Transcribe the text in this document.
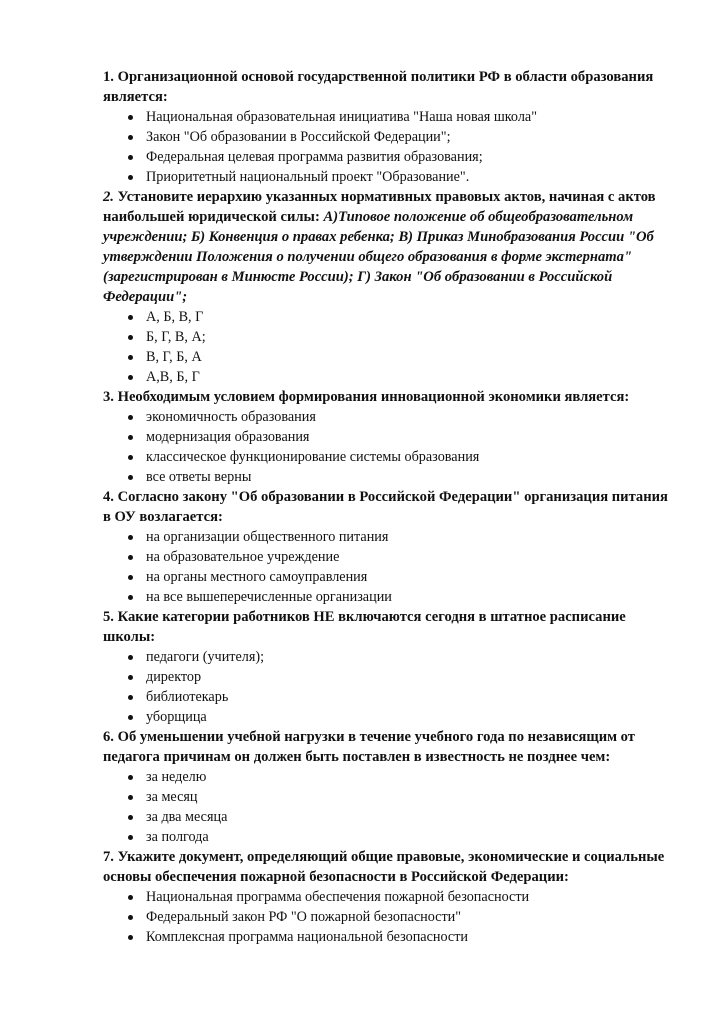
1. Организационной основой государственной политики РФ в области образования является:

Национальная образовательная инициатива "Наша новая школа"
Закон "Об образовании в Российской Федерации";
Федеральная целевая программа развития образования;
Приоритетный национальный проект "Образование".

2. Установите иерархию указанных нормативных правовых актов, начиная с актов наибольшей юридической силы: А)Типовое положение об общеобразовательном учреждении; Б) Конвенция о правах ребенка; В) Приказ Минобразования России "Об утверждении Положения о получении общего образования в форме экстерната" (зарегистрирован в Минюсте России); Г) Закон "Об образовании в Российской Федерации";

А, Б, В, Г
Б, Г, В, А;
В, Г, Б, А
А,В, Б, Г

3. Необходимым условием формирования инновационной экономики является:

экономичность образования
модернизация образования
классическое функционирование системы образования
все ответы верны

4. Согласно закону "Об образовании в Российской Федерации" организация питания в ОУ возлагается:

на организации общественного питания
на образовательное учреждение
на органы местного самоуправления
на все вышеперечисленные организации

5. Какие категории работников НЕ включаются сегодня в штатное расписание школы:

педагоги (учителя);
директор
библиотекарь
уборщица

6. Об уменьшении учебной нагрузки в течение учебного года по независящим от педагога причинам он должен быть поставлен в известность не позднее чем:

за неделю
за месяц
за два месяца
за полгода

7. Укажите документ, определяющий общие правовые, экономические и социальные основы обеспечения пожарной безопасности в Российской Федерации:

Национальная программа обеспечения пожарной безопасности
Федеральный закон РФ "О пожарной безопасности"
Комплексная программа национальной безопасности
